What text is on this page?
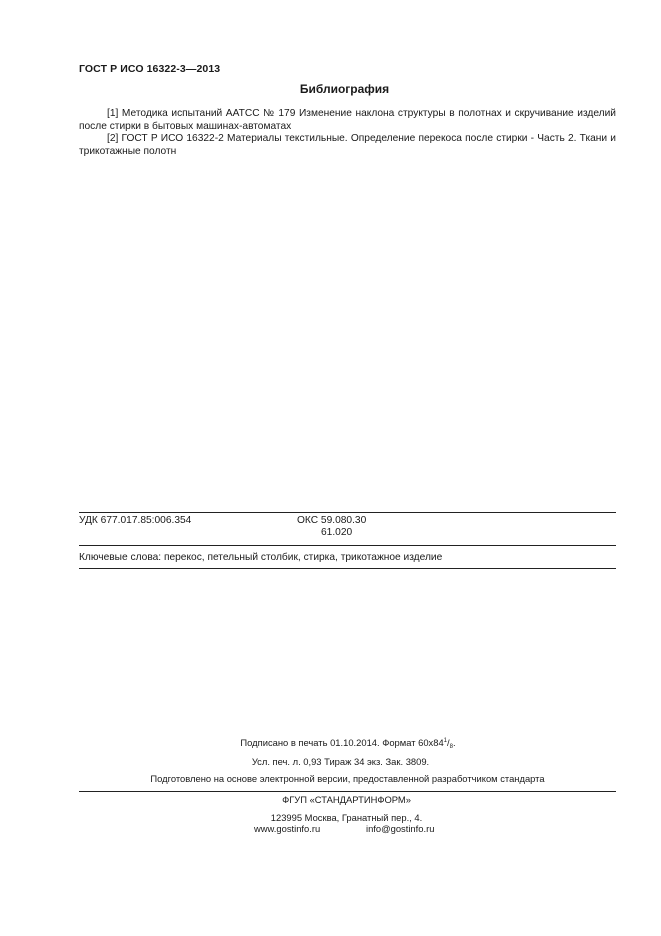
ГОСТ Р ИСО 16322-3—2013
Библиография

[1] Методика испытаний AATCC № 179 Изменение наклона структуры в полотнах и скручивание изделий после стирки в бытовых машинах-автоматах

[2] ГОСТ Р ИСО 16322-2 Материалы текстильные. Определение перекоса после стирки - Часть 2. Ткани и трикотажные полотн

УДК 677.017.85:006.354	ОКС 59.080.30
61.020
Ключевые слова: перекос, петельный столбик, стирка, трикотажное изделие
Подписано в печать 01.10.2014. Формат $60x84^1/_8$.
Усл. печ. л. 0,93 Тираж 34 экз. Зак. 3809.
Подготовлено на основе электронной версии, предоставленной разработчиком стандарта
ФГУП «СТАНДАРТИНФОРМ»
123995 Москва, Гранатный пер., 4.
www.gostinfo.ru	info@gostinfo.ru
